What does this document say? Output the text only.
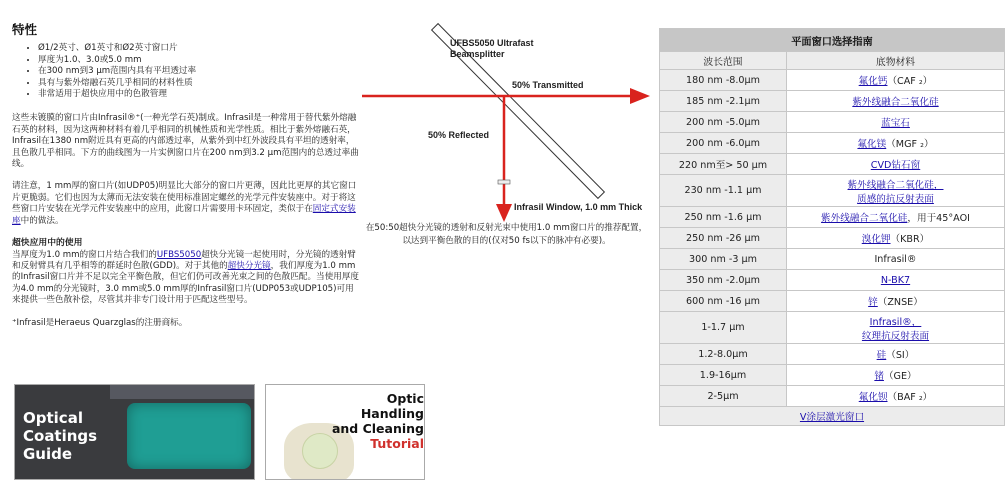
特性
• Ø1/2英寸、Ø1英寸和Ø2英寸窗口片
• 厚度为1.0、3.0或5.0 mm
• 在300 nm到3 μm范围内具有平坦透过率
• 具有与紫外熔融石英几乎相同的材料性质
• 非常适用于超快应用中的色散管理

这些未镀膜的窗口片由Infrasil®⁺(一种光学石英)制成。Infrasil是一种常用于替代紫外熔融石英的材料，因为这两种材料有着几乎相同的机械性质和光学性质。相比于紫外熔融石英，Infrasil在1380 nm附近具有更高的内部透过率，从紫外到中红外波段具有平坦的透射率，且色散几乎相同。下方的曲线图为一片实例窗口片在200 nm到3.2 μm范围内的总透过率曲线。

请注意，1 mm厚的窗口片(如UDP05)明显比大部分的窗口片更薄，因此比更厚的其它窗口片更脆弱。它们也因为太薄而无法安装在使用标准固定螺丝的光学元件安装座中。对于将这些窗口片安装在光学元件安装座中的应用，此窗口片需要用卡环固定，类似于在固定式安装座中的做法。

超快应用中的使用

当厚度为1.0 mm的窗口片结合我们的UFBS5050超快分光镜一起使用时，分光镜的透射臂和反射臂具有几乎相等的群延时色散(GDD)。对于其他的超快分光镜，我们厚度为1.0 mm的Infrasil窗口片并不足以完全平衡色散，但它们仍可改善光束之间的色散匹配。当使用厚度为4.0 mm的分光镜时，3.0 mm或5.0 mm厚的Infrasil窗口片(UDP053或UDP105)可用来提供一些色散补偿，尽管其并非专门设计用于匹配这些型号。

⁺Infrasil是Heraeus Quarzglas的注册商标。

UFBS5050 Ultrafast
Beamsplitter
50% Transmitted
50% Reflected
Infrasil Window, 1.0 mm Thick
在50:50超快分光镜的透射和反射光束中使用1.0 mm窗口片的推荐配置，以达到平衡色散的目的(仅对50 fs以下的脉冲有必要)。
平面窗口选择指南	
波长范围	底物材料
180 nm -8.0μm	氟化钙（CAF ₂）
185 nm -2.1μm	紫外线融合二氧化硅
200 nm -5.0μm	蓝宝石
200 nm -6.0μm	氟化镁（MGF ₂）
220 nm至> 50 μm	CVD钻石窗
230 nm -1.1 μm	紫外线融合二氧化硅，
质感的抗反射表面
250 nm -1.6 μm	紫外线融合二氧化硅，用于45°AOI
250 nm -26 μm	溴化钾（KBR）
300 nm -3 μm	Infrasil®
350 nm -2.0μm	N-BK7
600 nm -16 μm	锌（ZNSE）
1-1.7 μm	Infrasil®，
纹理抗反射表面
1.2-8.0μm	硅（SI）
1.9-16μm	锗（GE）
2-5μm	氟化钡（BAF ₂）
V涂层激光窗口	
Optical
Coatings
Guide
Optic Handling
and Cleaning
Tutorial
